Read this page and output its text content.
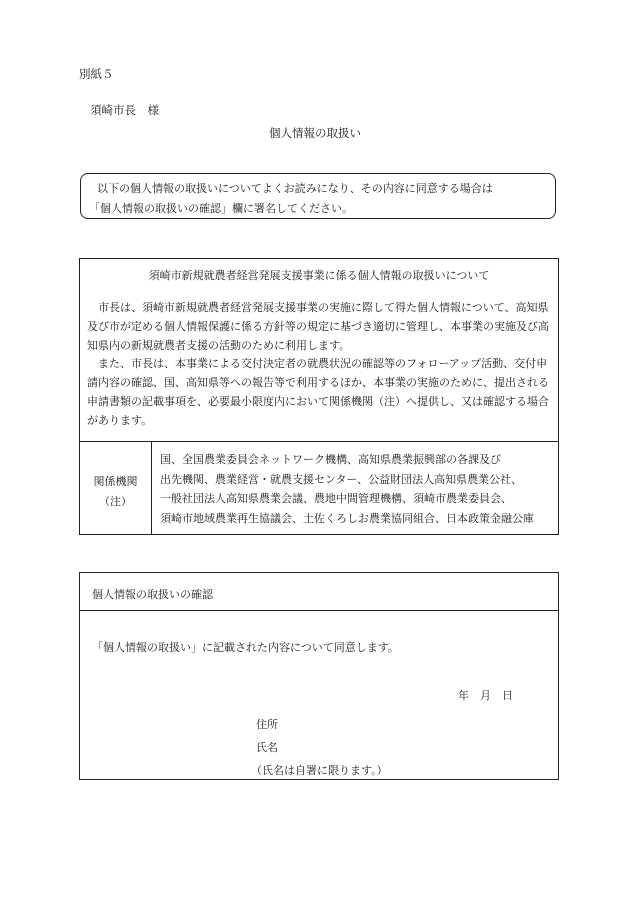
別紙５
須崎市長　様
個人情報の取扱い

以下の個人情報の取扱いについてよくお読みになり、その内容に同意する場合は

「個人情報の取扱いの確認」欄に署名してください。

須崎市新規就農者経営発展支援事業に係る個人情報の取扱いについて

市長は、須崎市新規就農者経営発展支援事業の実施に際して得た個人情報について、高知県及び市が定める個人情報保護に係る方針等の規定に基づき適切に管理し、本事業の実施及び高知県内の新規就農者支援の活動のために利用します。

また、市長は、本事業による交付決定者の就農状況の確認等のフォローアップ活動、交付申請内容の確認、国、高知県等への報告等で利用するほか、本事業の実施のために、提出される申請書類の記載事項を、必要最小限度内において関係機関（注）へ提供し、又は確認する場合があります。

関係機関
（注）
国、全国農業委員会ネットワーク機構、高知県農業振興部の各課及び
出先機関、農業経営・就農支援センター、公益財団法人高知県農業公社、
一般社団法人高知県農業会議、農地中間管理機構、須崎市農業委員会、
須崎市地域農業再生協議会、土佐くろしお農業協同組合、日本政策金融公庫
個人情報の取扱いの確認
「個人情報の取扱い」に記載された内容について同意します。
年　月　日
住所
氏名
（氏名は自署に限ります。）
